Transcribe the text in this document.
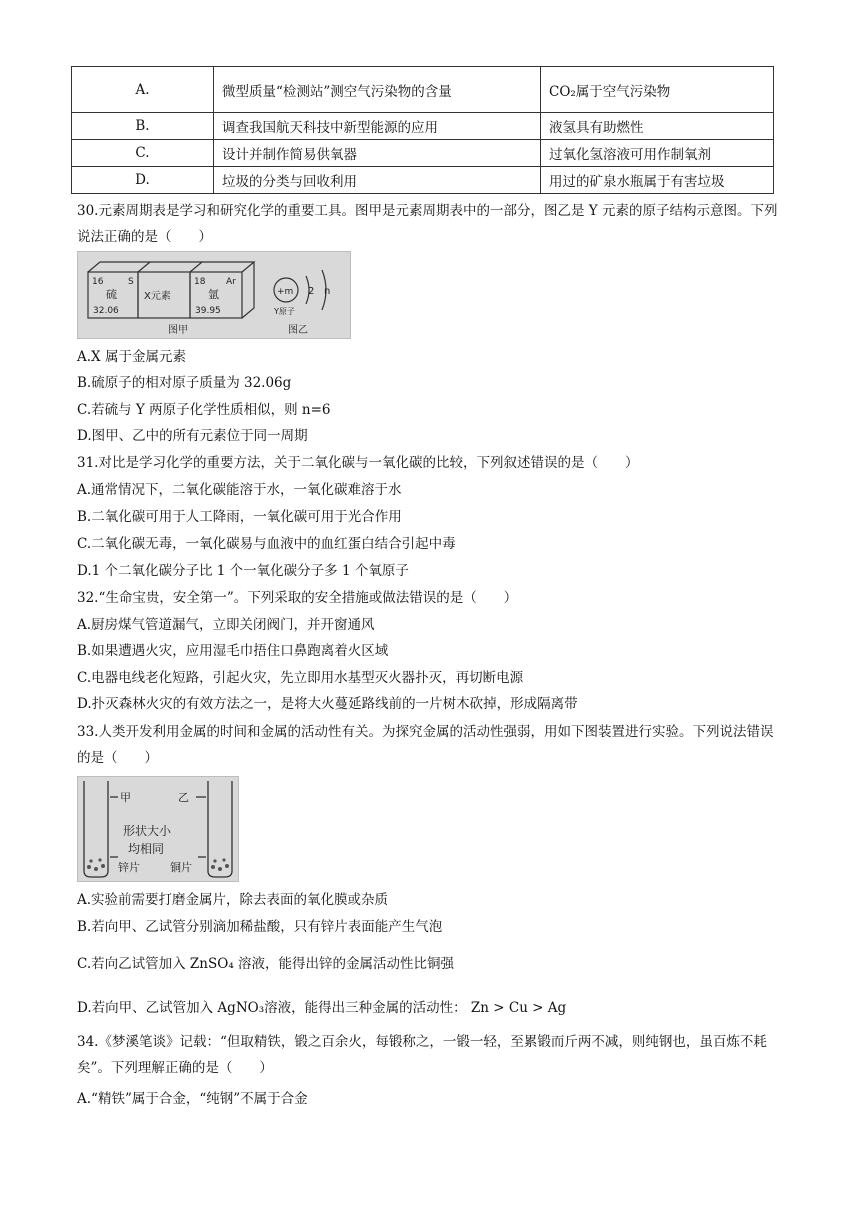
A.	微型质量“检测站”测空气污染物的含量	CO₂属于空气污染物
B.	调查我国航天科技中新型能源的应用	液氢具有助燃性
C.	设计并制作简易供氧器	过氧化氢溶液可用作制氧剂
D.	垃圾的分类与回收利用	用过的矿泉水瓶属于有害垃圾
30.元素周期表是学习和研究化学的重要工具。图甲是元素周期表中的一部分，图乙是 Y 元素的原子结构示意图。下列说法正确的是（　　）
16	S
硫
32.06
X元素
18 Ar
氩
39.95
+m 2 n
Y原子
图甲	图乙
A.X 属于金属元素
B.硫原子的相对原子质量为 32.06g
C.若硫与 Y 两原子化学性质相似，则 n=6
D.图甲、乙中的所有元素位于同一周期
31.对比是学习化学的重要方法，关于二氧化碳与一氧化碳的比较，下列叙述错误的是（　　）
A.通常情况下，二氧化碳能溶于水，一氧化碳难溶于水
B.二氧化碳可用于人工降雨，一氧化碳可用于光合作用
C.二氧化碳无毒，一氧化碳易与血液中的血红蛋白结合引起中毒
D.1 个二氧化碳分子比 1 个一氧化碳分子多 1 个氧原子
32.“生命宝贵，安全第一”。下列采取的安全措施或做法错误的是（　　）
A.厨房煤气管道漏气，立即关闭阀门，并开窗通风
B.如果遭遇火灾，应用湿毛巾捂住口鼻跑离着火区域
C.电器电线老化短路，引起火灾，先立即用水基型灭火器扑灭，再切断电源
D.扑灭森林火灾的有效方法之一，是将大火蔓延路线前的一片树木砍掉，形成隔离带
33.人类开发利用金属的时间和金属的活动性有关。为探究金属的活动性强弱，用如下图装置进行实验。下列说法错误的是（　　）
甲	乙
形状大小
均相同
锌片	铜片
A.实验前需要打磨金属片，除去表面的氧化膜或杂质
B.若向甲、乙试管分别滴加稀盐酸，只有锌片表面能产生气泡
C.若向乙试管加入 ZnSO₄ 溶液，能得出锌的金属活动性比铜强
D.若向甲、乙试管加入 AgNO₃溶液，能得出三种金属的活动性： Zn > Cu > Ag
34.《梦溪笔谈》记载：“但取精铁，锻之百余火，每锻称之，一锻一轻，至累锻而斤两不减，则纯钢也，虽百炼不耗矣”。下列理解正确的是（　　）
A.“精铁”属于合金，“纯钢”不属于合金
